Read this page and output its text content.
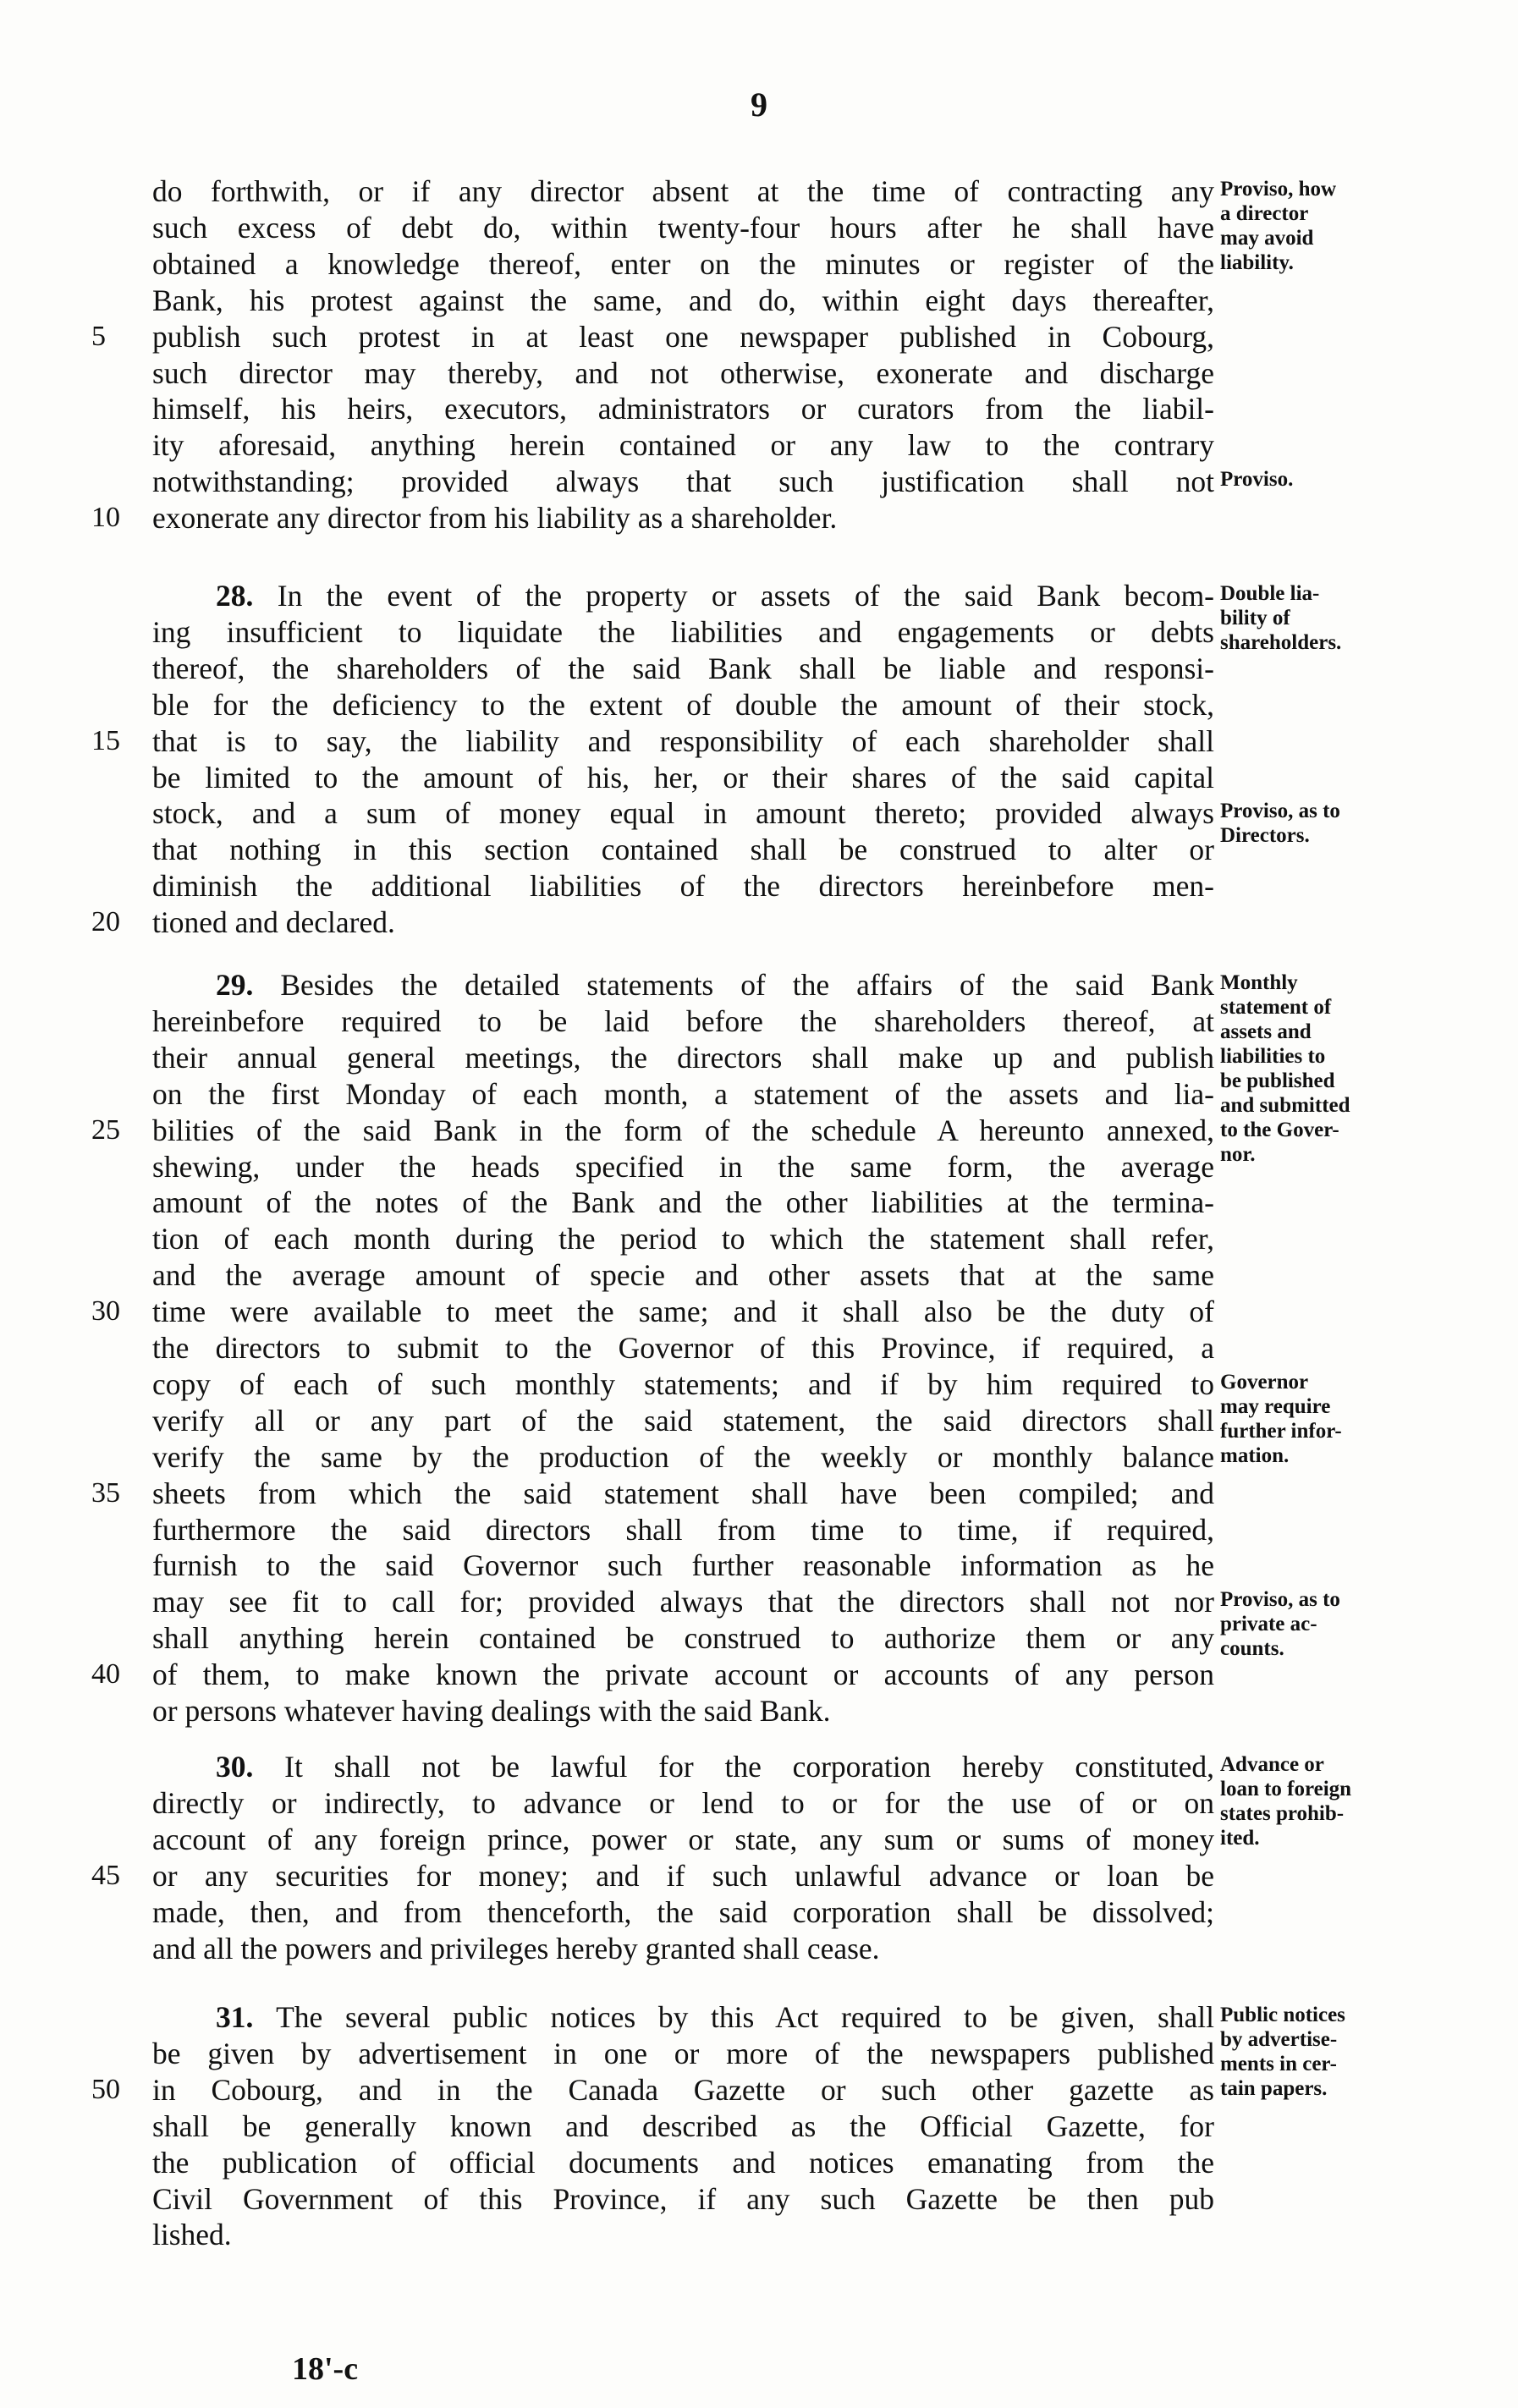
9
do forthwith, or if any director absent at the time of contracting any
such excess of debt do, within twenty-four hours after he shall have
obtained a knowledge thereof, enter on the minutes or register of the
Bank, his protest against the same, and do, within eight days thereafter,
publish such protest in at least one newspaper published in Cobourg,
5
such director may thereby, and not otherwise, exonerate and discharge
himself, his heirs, executors, administrators or curators from the liabil-
ity aforesaid, anything herein contained or any law to the contrary
notwithstanding; provided always that such justification shall not
exonerate any director from his liability as a shareholder.
10
Proviso, how
a director
may avoid
liability.
Proviso.
28. In the event of the property or assets of the said Bank becom-
ing insufficient to liquidate the liabilities and engagements or debts
thereof, the shareholders of the said Bank shall be liable and responsi-
ble for the deficiency to the extent of double the amount of their stock,
that is to say, the liability and responsibility of each shareholder shall
15
be limited to the amount of his, her, or their shares of the said capital
stock, and a sum of money equal in amount thereto; provided always
that nothing in this section contained shall be construed to alter or
diminish the additional liabilities of the directors hereinbefore men-
tioned and declared.
20
Double lia-
bility of
shareholders.
Proviso, as to
Directors.
29. Besides the detailed statements of the affairs of the said Bank
hereinbefore required to be laid before the shareholders thereof, at
their annual general meetings, the directors shall make up and publish
on the first Monday of each month, a statement of the assets and lia-
bilities of the said Bank in the form of the schedule A hereunto annexed,
25
shewing, under the heads specified in the same form, the average
amount of the notes of the Bank and the other liabilities at the termina-
tion of each month during the period to which the statement shall refer,
and the average amount of specie and other assets that at the same
time were available to meet the same; and it shall also be the duty of
30
the directors to submit to the Governor of this Province, if required, a
copy of each of such monthly statements; and if by him required to
verify all or any part of the said statement, the said directors shall
verify the same by the production of the weekly or monthly balance
sheets from which the said statement shall have been compiled; and
35
furthermore the said directors shall from time to time, if required,
furnish to the said Governor such further reasonable information as he
may see fit to call for; provided always that the directors shall not nor
shall anything herein contained be construed to authorize them or any
of them, to make known the private account or accounts of any person
40
or persons whatever having dealings with the said Bank.
Monthly
statement of
assets and
liabilities to
be published
and submitted
to the Gover-
nor.
Governor
may require
further infor-
mation.
Proviso, as to
private ac-
counts.
30. It shall not be lawful for the corporation hereby constituted,
directly or indirectly, to advance or lend to or for the use of or on
account of any foreign prince, power or state, any sum or sums of money
or any securities for money; and if such unlawful advance or loan be
45
made, then, and from thenceforth, the said corporation shall be dissolved;
and all the powers and privileges hereby granted shall cease.
Advance or
loan to foreign
states prohib-
ited.
31. The several public notices by this Act required to be given, shall
be given by advertisement in one or more of the newspapers published
in Cobourg, and in the Canada Gazette or such other gazette as
50
shall be generally known and described as the Official Gazette, for
the publication of official documents and notices emanating from the
Civil Government of this Province, if any such Gazette be then pub
lished.
Public notices
by advertise-
ments in cer-
tain papers.
18'-c
